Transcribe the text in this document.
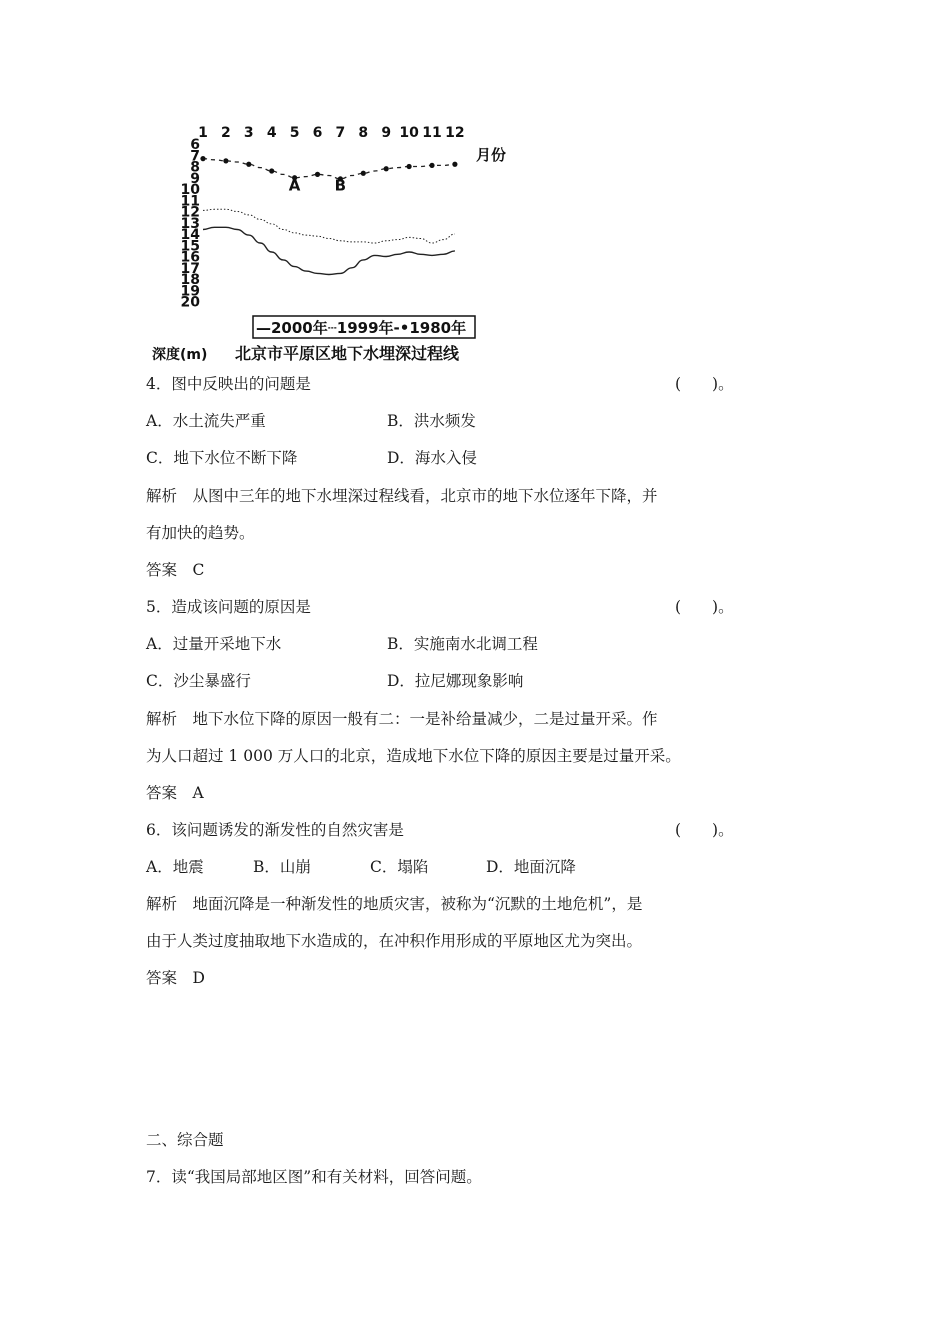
北京市平原区地下水埋深过程线
深度(m)
月份
1 2 3 4 5 6 7 8 9 10 11 12
6
7
8
9
10
11
12
13
14
15
16
17
18
19
20
A B
—2000年┄1999年-•1980年
4．图中反映出的问题是	(　　)。
A．水土流失严重	B．洪水频发
C．地下水位不断下降	D．海水入侵
解析　从图中三年的地下水埋深过程线看，北京市的地下水位逐年下降，并
有加快的趋势。
答案　C
5．造成该问题的原因是	(　　)。
A．过量开采地下水	B．实施南水北调工程
C．沙尘暴盛行	D．拉尼娜现象影响
解析　地下水位下降的原因一般有二：一是补给量减少，二是过量开采。作
为人口超过 1 000 万人口的北京，造成地下水位下降的原因主要是过量开采。
答案　A
6．该问题诱发的渐发性的自然灾害是	(　　)。
A．地震	B．山崩	C．塌陷	D．地面沉降
解析　地面沉降是一种渐发性的地质灾害，被称为“沉默的土地危机”，是
由于人类过度抽取地下水造成的，在冲积作用形成的平原地区尤为突出。
答案　D
二、综合题
7．读“我国局部地区图”和有关材料，回答问题。
